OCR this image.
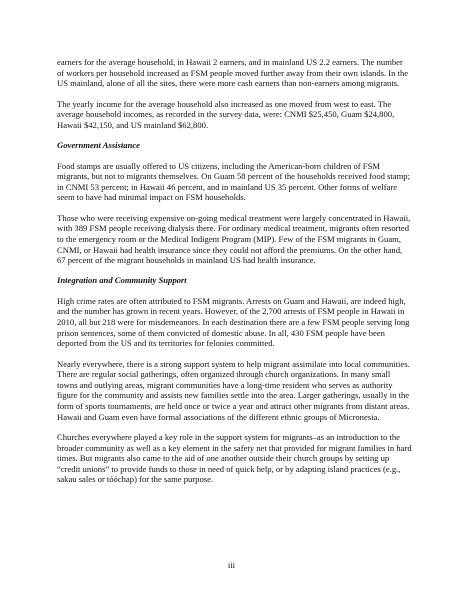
earners for the average household, in Hawaii 2 earners, and in mainland US 2.2 earners. The number of workers per household increased as FSM people moved further away from their own islands. In the US mainland, alone of all the sites, there were more cash earners than non-earners among migrants.

The yearly income for the average household also increased as one moved from west to east. The average household incomes, as recorded in the survey data, were: CNMI $25,450, Guam $24,800, Hawaii $42,150, and US mainland $62,800.

Government Assistance

Food stamps are usually offered to US citizens, including the American-born children of FSM migrants, but not to migrants themselves. On Guam 58 percent of the households received food stamp; in CNMI 53 percent; in Hawaii 46 percent, and in mainland US 35 percent. Other forms of welfare seem to have had minimal impact on FSM households.

Those who were receiving expensive on-going medical treatment were largely concentrated in Hawaii, with 389 FSM people receiving dialysis there. For ordinary medical treatment, migrants often resorted to the emergency room or the Medical Indigent Program (MIP). Few of the FSM migrants in Guam, CNMI, or Hawaii had health insurance since they could not afford the premiums. On the other hand, 67 percent of the migrant households in mainland US had health insurance.

Integration and Community Support

High crime rates are often attributed to FSM migrants. Arrests on Guam and Hawaii, are indeed high, and the number has grown in recent years. However, of the 2,700 arrests of FSM people in Hawaii in 2010, all but 218 were for misdemeanors. In each destination there are a few FSM people serving long prison sentences, some of them convicted of domestic abuse. In all, 430 FSM people have been deported from the US and its territories for felonies committed.

Nearly everywhere, there is a strong support system to help migrant assimilate into local communities. There are regular social gatherings, often organized through church organizations. In many small towns and outlying areas, migrant communities have a long-time resident who serves as authority figure for the community and assists new families settle into the area. Larger gatherings, usually in the form of sports tournaments, are held once or twice a year and attract other migrants from distant areas. Hawaii and Guam even have formal associations of the different ethnic groups of Micronesia.

Churches everywhere played a key role in the support system for migrants–as an introduction to the broader community as well as a key element in the safety net that provided for migrant families in hard times. But migrants also came to the aid of one another outside their church groups by setting up “credit unions” to provide funds to those in need of quick help, or by adapting island practices (e.g., sakau sales or tóóchap) for the same purpose.

iii
